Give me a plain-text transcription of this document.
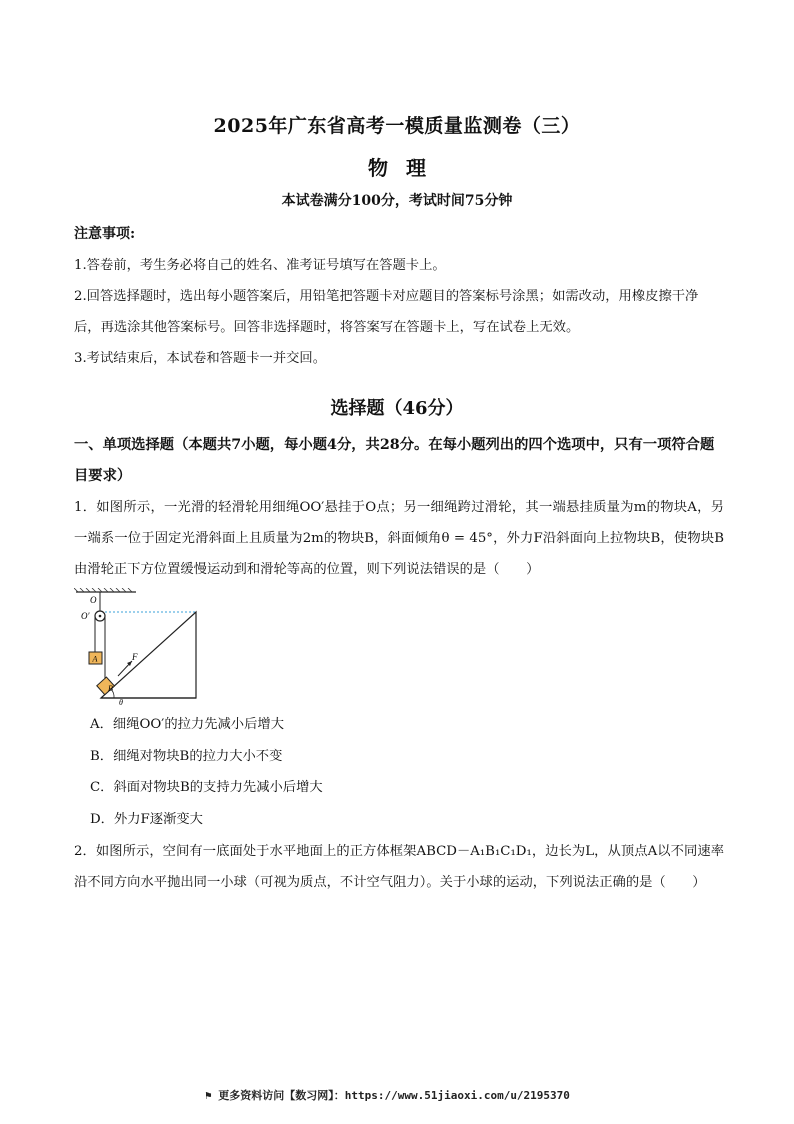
2025年广东省高考一模质量监测卷（三）
物理
本试卷满分100分，考试时间75分钟
注意事项:

1.答卷前，考生务必将自己的姓名、准考证号填写在答题卡上。

2.回答选择题时，选出每小题答案后，用铅笔把答题卡对应题目的答案标号涂黑；如需改动，用橡皮擦干净后，再选涂其他答案标号。回答非选择题时，将答案写在答题卡上，写在试卷上无效。

3.考试结束后，本试卷和答题卡一并交回。

选择题（46分）
一、单项选择题（本题共7小题，每小题4分，共28分。在每小题列出的四个选项中，只有一项符合题目要求）

1．如图所示，一光滑的轻滑轮用细绳OO′悬挂于O点；另一细绳跨过滑轮，其一端悬挂质量为m的物块A，另一端系一位于固定光滑斜面上且质量为2m的物块B，斜面倾角θ = 45°，外力F沿斜面向上拉物块B，使物块B由滑轮正下方位置缓慢运动到和滑轮等高的位置，则下列说法错误的是（　　）

O
O′
A
B
F
θ
A．细绳OO′的拉力先减小后增大
B．细绳对物块B的拉力大小不变
C．斜面对物块B的支持力先减小后增大
D．外力F逐渐变大

2．如图所示，空间有一底面处于水平地面上的正方体框架ABCD－A₁B₁C₁D₁，边长为L，从顶点A以不同速率沿不同方向水平抛出同一小球（可视为质点，不计空气阻力）。关于小球的运动，下列说法正确的是（　　）

⚑ 更多资料访问【数习网】：https://www.51jiaoxi.com/u/2195370
